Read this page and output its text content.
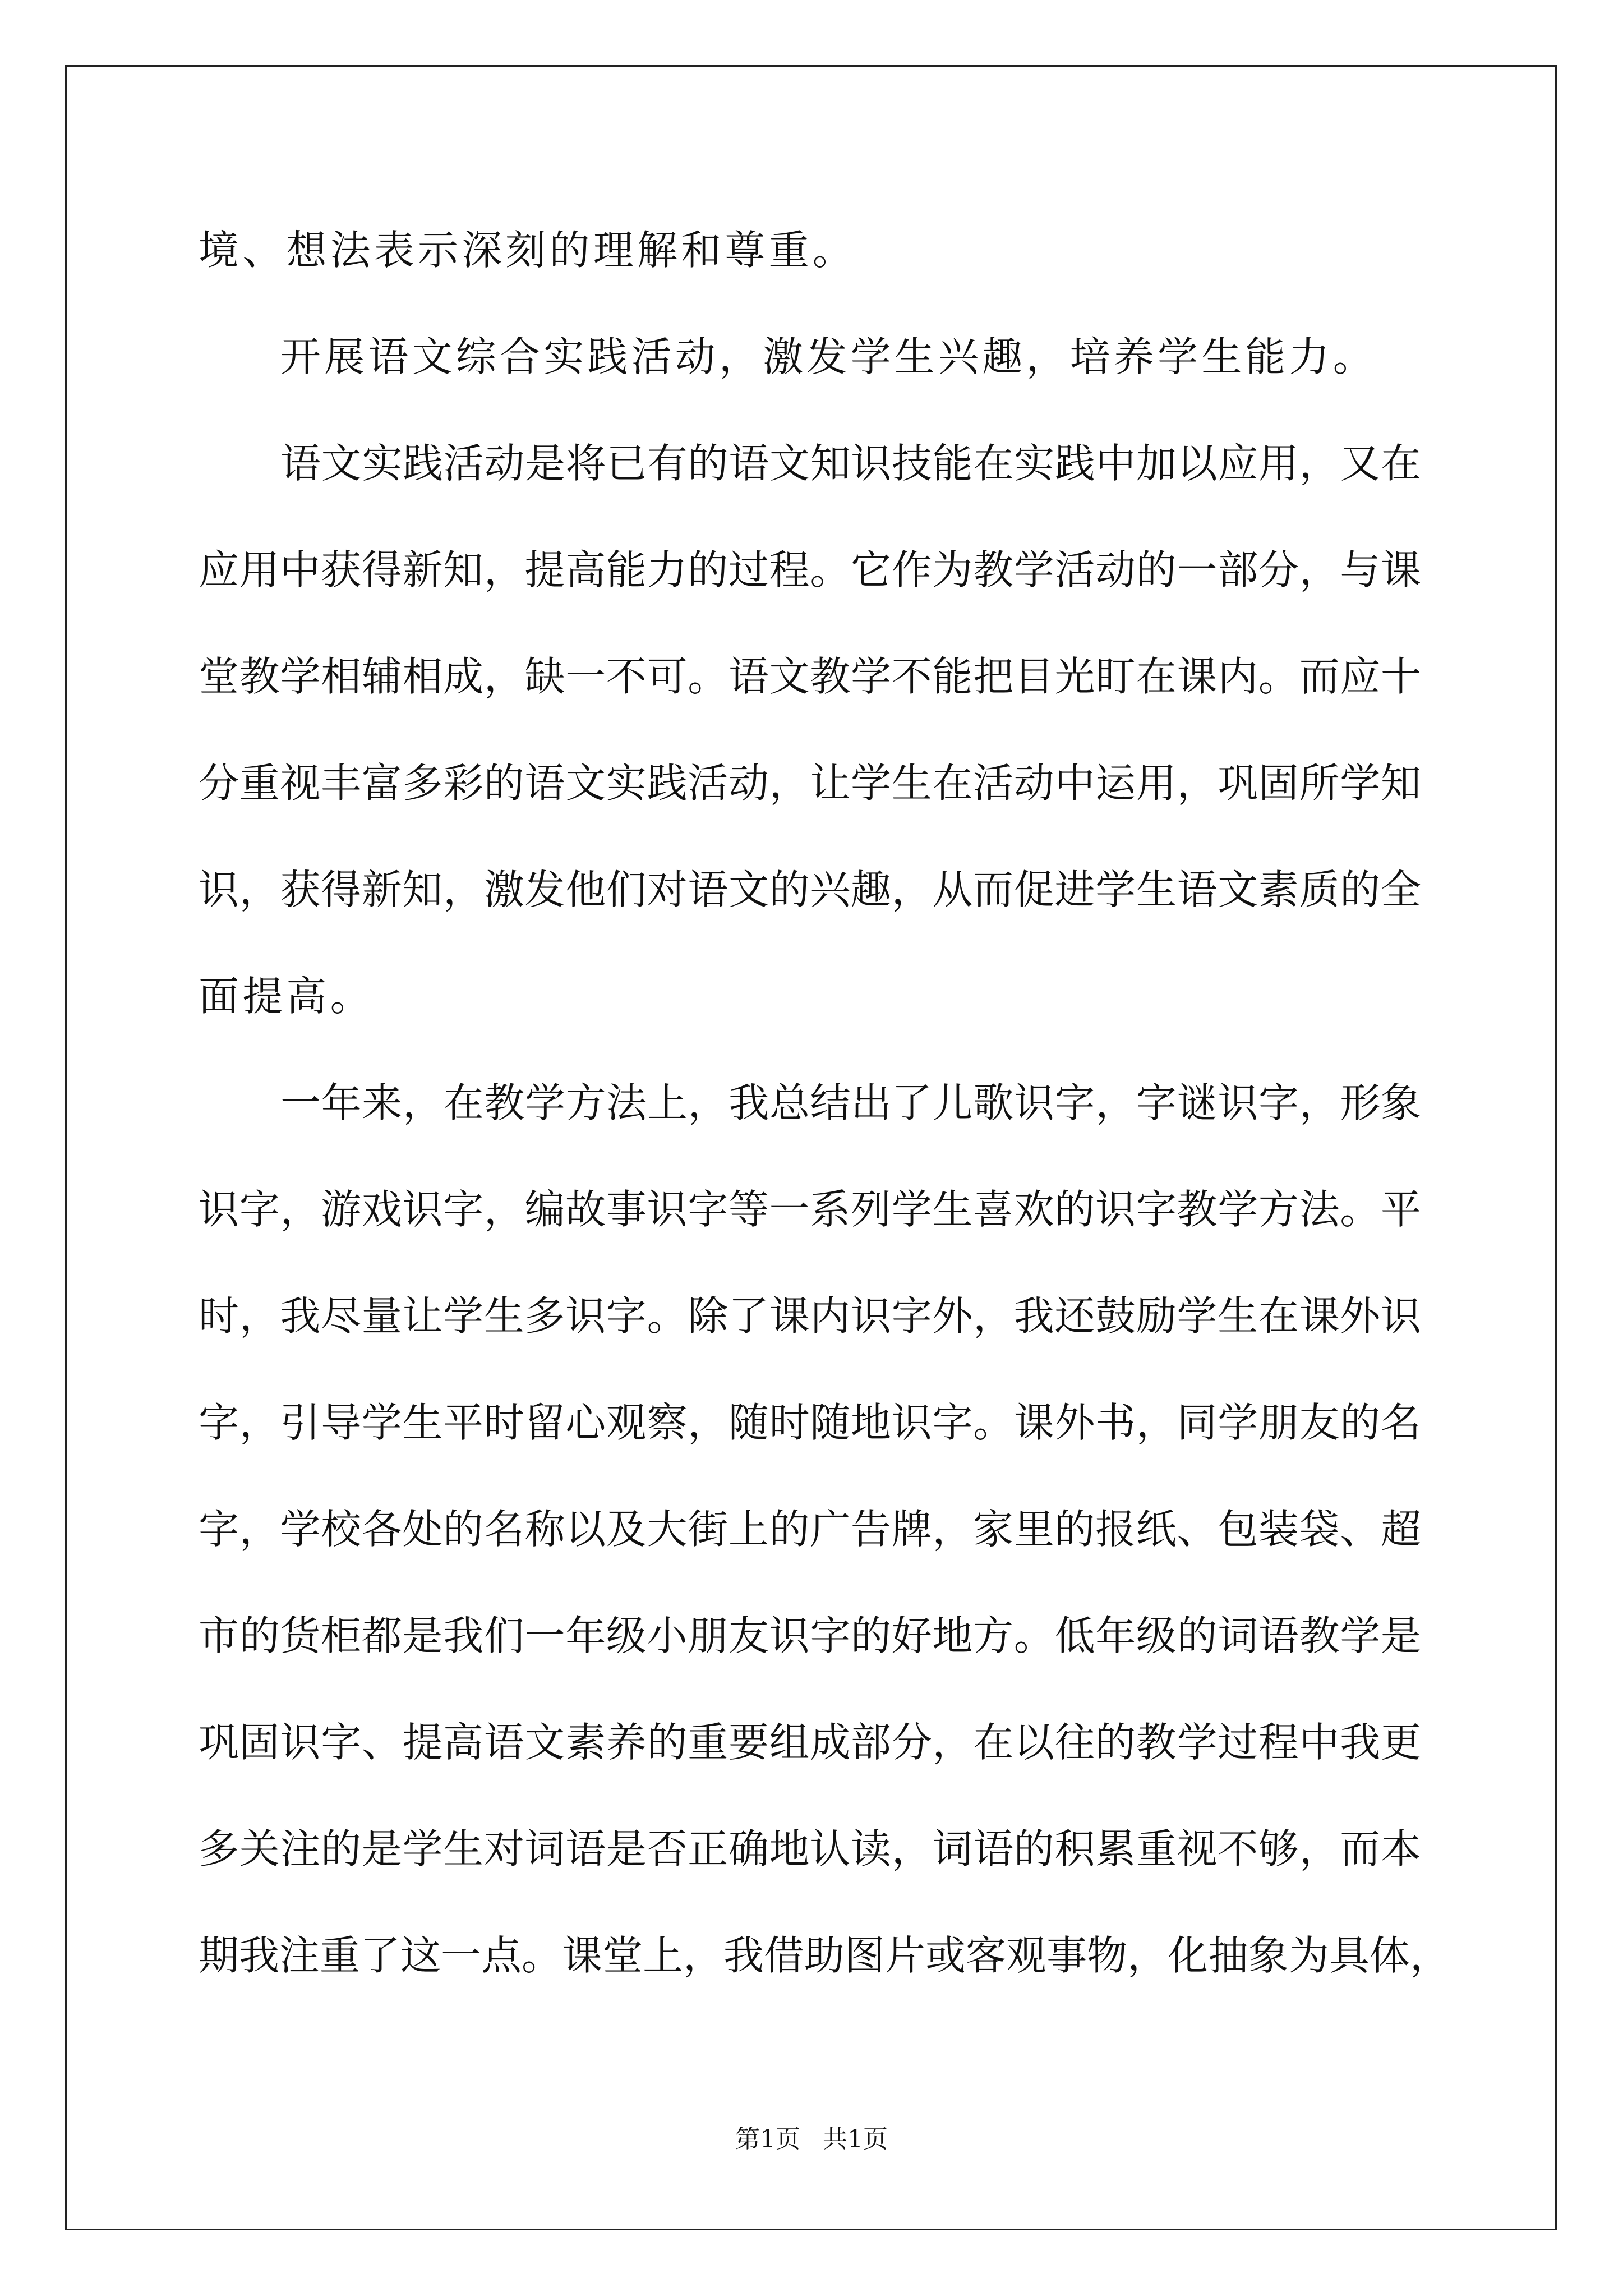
境、想法表示深刻的理解和尊重。
开展语文综合实践活动，激发学生兴趣，培养学生能力。
语文实践活动是将已有的语文知识技能在实践中加以应用，又在
应用中获得新知，提高能力的过程。它作为教学活动的一部分，与课
堂教学相辅相成，缺一不可。语文教学不能把目光盯在课内。而应十
分重视丰富多彩的语文实践活动，让学生在活动中运用，巩固所学知
识，获得新知，激发他们对语文的兴趣，从而促进学生语文素质的全
面提高。
一年来，在教学方法上，我总结出了儿歌识字，字谜识字，形象
识字，游戏识字，编故事识字等一系列学生喜欢的识字教学方法。平
时，我尽量让学生多识字。除了课内识字外，我还鼓励学生在课外识
字，引导学生平时留心观察，随时随地识字。课外书，同学朋友的名
字，学校各处的名称以及大街上的广告牌，家里的报纸、包装袋、超
市的货柜都是我们一年级小朋友识字的好地方。低年级的词语教学是
巩固识字、提高语文素养的重要组成部分，在以往的教学过程中我更
多关注的是学生对词语是否正确地认读，词语的积累重视不够，而本
期我注重了这一点。课堂上，我借助图片或客观事物，化抽象为具体，
第1页 共1页
